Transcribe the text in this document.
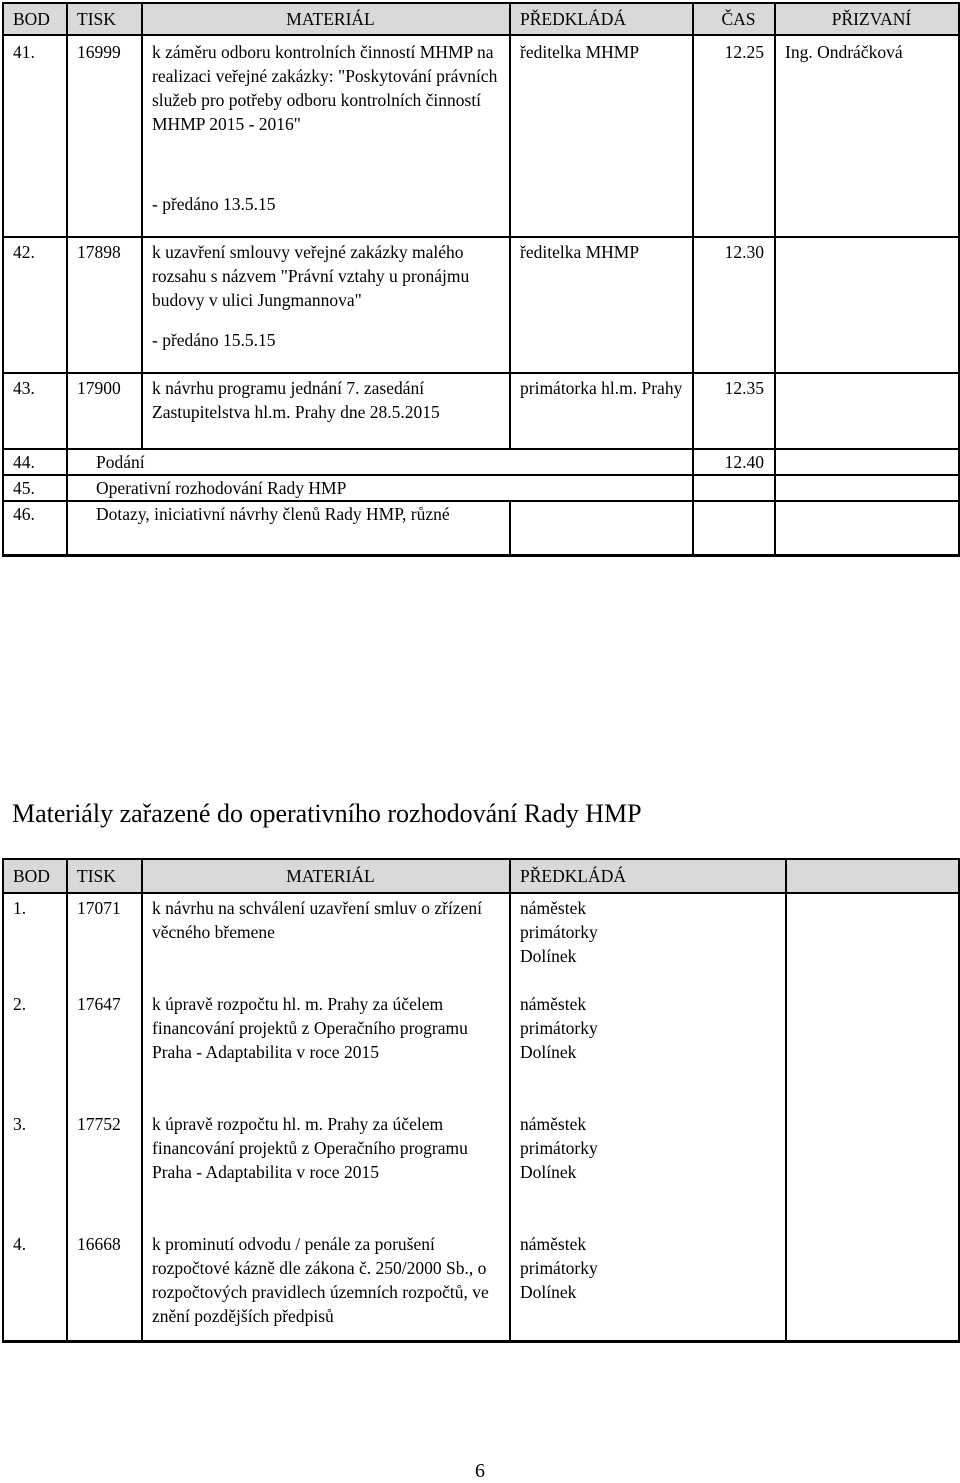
BOD	TISK	MATERIÁL	PŘEDKLÁDÁ	ČAS	PŘIZVANÍ
41.	16999	k záměru odboru kontrolních činností MHMP na realizaci veřejné zakázky: "Poskytování právních služeb pro potřeby odboru kontrolních činností MHMP 2015 - 2016"	ředitelka MHMP	12.25	Ing. Ondráčková
		- předáno 13.5.15			
42.	17898	k uzavření smlouvy veřejné zakázky malého rozsahu s názvem "Právní vztahy u pronájmu budovy v ulici Jungmannova"	ředitelka MHMP	12.30	
		- předáno 15.5.15			
43.	17900	k návrhu programu jednání 7. zasedání Zastupitelstva hl.m. Prahy dne 28.5.2015	primátorka hl.m. Prahy	12.35	
44.	Podání			12.40	
45.	Operativní rozhodování Rady HMP				
46.	Dotazy, iniciativní návrhy členů Rady HMP, různé				
Materiály zařazené do operativního rozhodování Rady HMP
BOD	TISK	MATERIÁL	PŘEDKLÁDÁ	
1.	17071	k návrhu na schválení uzavření smluv o zřízení věcného břemene	náměstek primátorky Dolínek	
2.	17647	k úpravě rozpočtu hl. m. Prahy za účelem financování projektů z Operačního programu Praha - Adaptabilita v roce 2015	náměstek primátorky Dolínek	
3.	17752	k úpravě rozpočtu hl. m. Prahy za účelem financování projektů z Operačního programu Praha - Adaptabilita v roce 2015	náměstek primátorky Dolínek	
4.	16668	k prominutí odvodu / penále za porušení rozpočtové kázně dle zákona č. 250/2000 Sb., o rozpočtových pravidlech územních rozpočtů, ve znění pozdějších předpisů	náměstek primátorky Dolínek	
6
